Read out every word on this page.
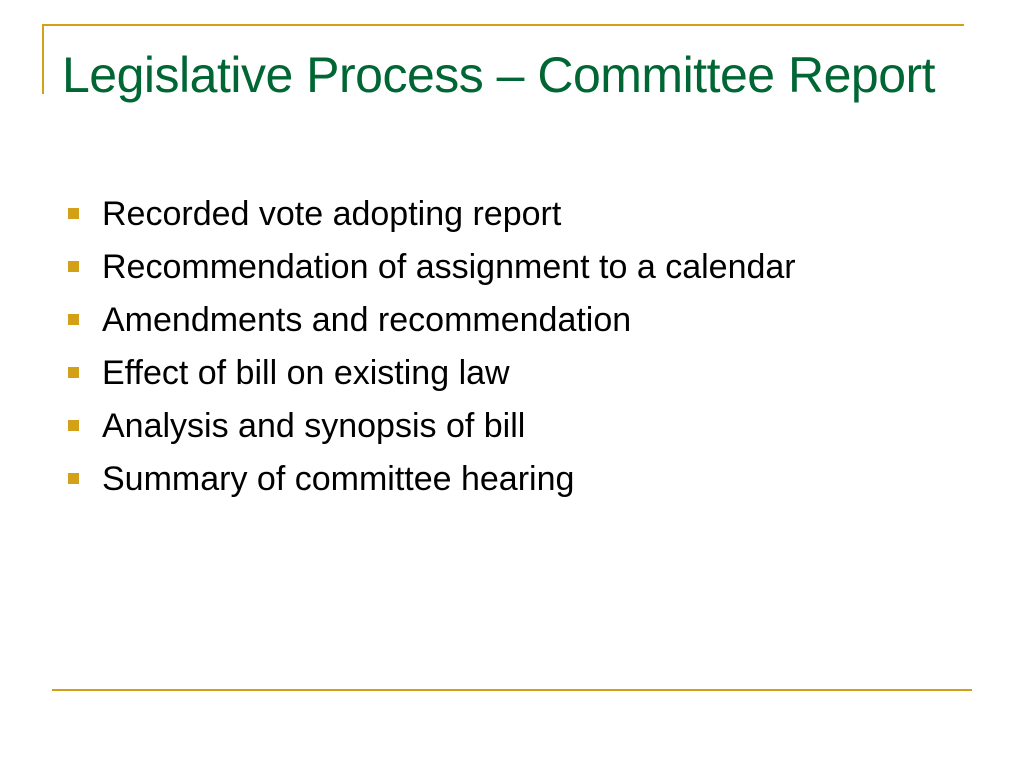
Legislative Process – Committee Report
Recorded vote adopting report
Recommendation of assignment to a calendar
Amendments and recommendation
Effect of bill on existing law
Analysis and synopsis of bill
Summary of committee hearing
